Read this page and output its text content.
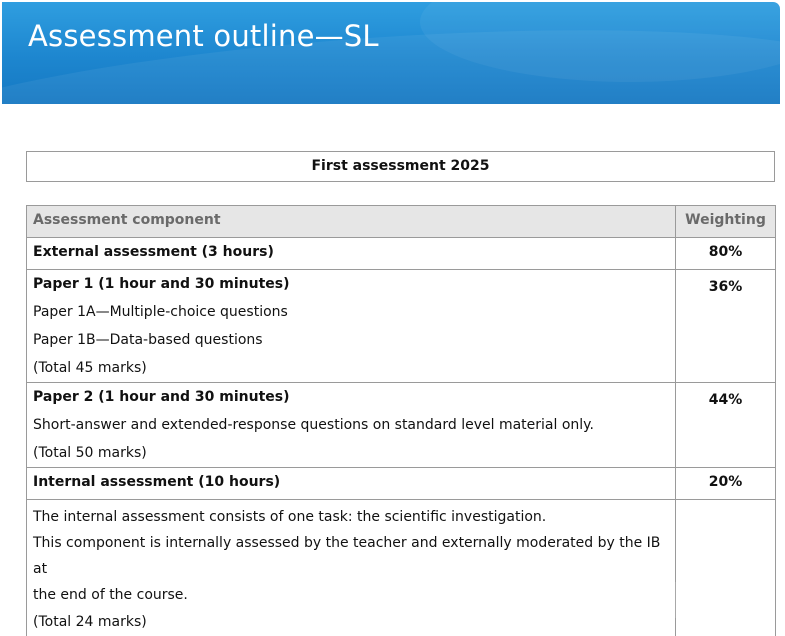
Assessment outline—SL
First assessment 2025
Assessment component	Weighting
External assessment (3 hours)	80%

Paper 1 (1 hour and 30 minutes)
Paper 1A—Multiple-choice questions
Paper 1B—Data-based questions
(Total 45 marks)	36%

Paper 2 (1 hour and 30 minutes)
Short-answer and extended-response questions on standard level material only.
(Total 50 marks)	44%
Internal assessment (10 hours)	20%

The internal assessment consists of one task: the scientific investigation.
This component is internally assessed by the teacher and externally moderated by the IB at
the end of the course.
(Total 24 marks)	
